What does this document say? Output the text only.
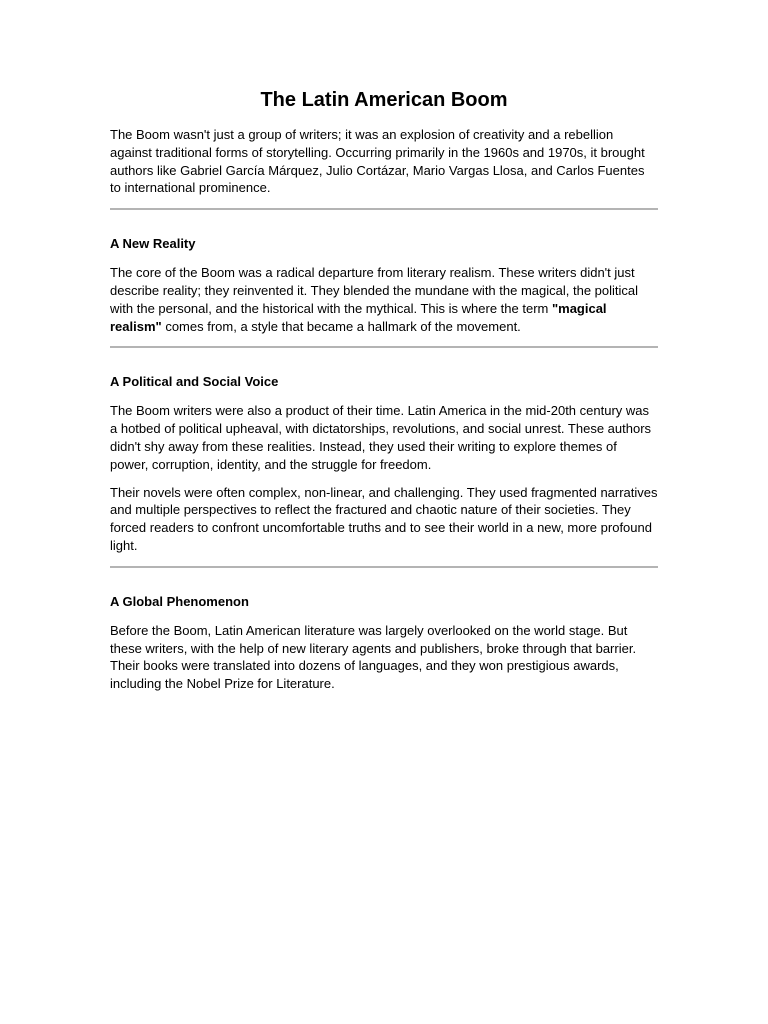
The Latin American Boom

The Boom wasn't just a group of writers; it was an explosion of creativity and a rebellion against traditional forms of storytelling. Occurring primarily in the 1960s and 1970s, it brought authors like Gabriel García Márquez, Julio Cortázar, Mario Vargas Llosa, and Carlos Fuentes to international prominence.

A New Reality

The core of the Boom was a radical departure from literary realism. These writers didn't just describe reality; they reinvented it. They blended the mundane with the magical, the political with the personal, and the historical with the mythical. This is where the term "magical realism" comes from, a style that became a hallmark of the movement.

A Political and Social Voice

The Boom writers were also a product of their time. Latin America in the mid-20th century was a hotbed of political upheaval, with dictatorships, revolutions, and social unrest. These authors didn't shy away from these realities. Instead, they used their writing to explore themes of power, corruption, identity, and the struggle for freedom.

Their novels were often complex, non-linear, and challenging. They used fragmented narratives and multiple perspectives to reflect the fractured and chaotic nature of their societies. They forced readers to confront uncomfortable truths and to see their world in a new, more profound light.

A Global Phenomenon

Before the Boom, Latin American literature was largely overlooked on the world stage. But these writers, with the help of new literary agents and publishers, broke through that barrier. Their books were translated into dozens of languages, and they won prestigious awards, including the Nobel Prize for Literature.
